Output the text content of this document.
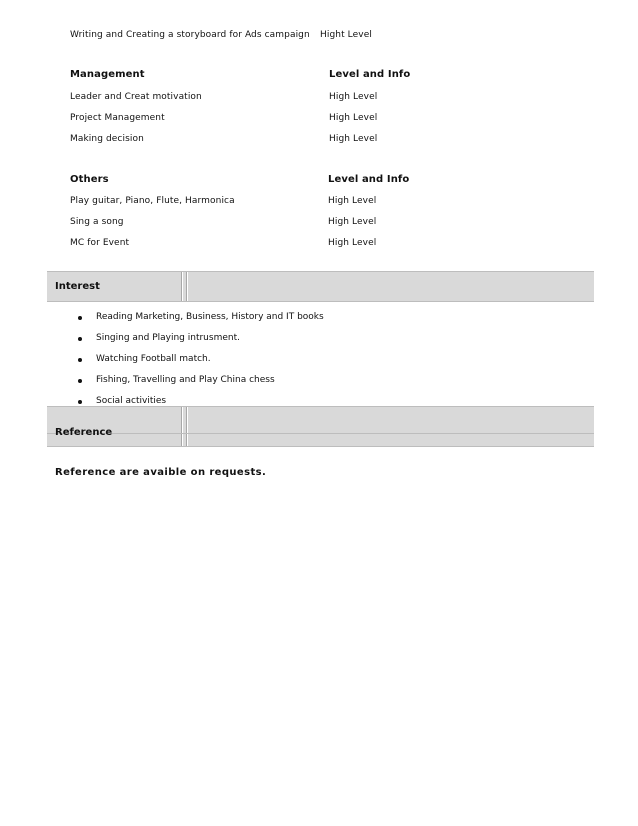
Writing and Creating a storyboard for Ads campaign Hight Level
Management	Level and Info
Leader and Creat motivation	High Level
Project Management	High Level
Making decision	High Level
Others	Level and Info
Play guitar, Piano, Flute, Harmonica	High Level
Sing a song	High Level
MC for Event	High Level
Interest
Reading Marketing, Business, History and IT books
Singing and Playing intrusment.
Watching Football match.
Fishing, Travelling and Play China chess
Social activities
Reference
Reference are avaible on requests.
